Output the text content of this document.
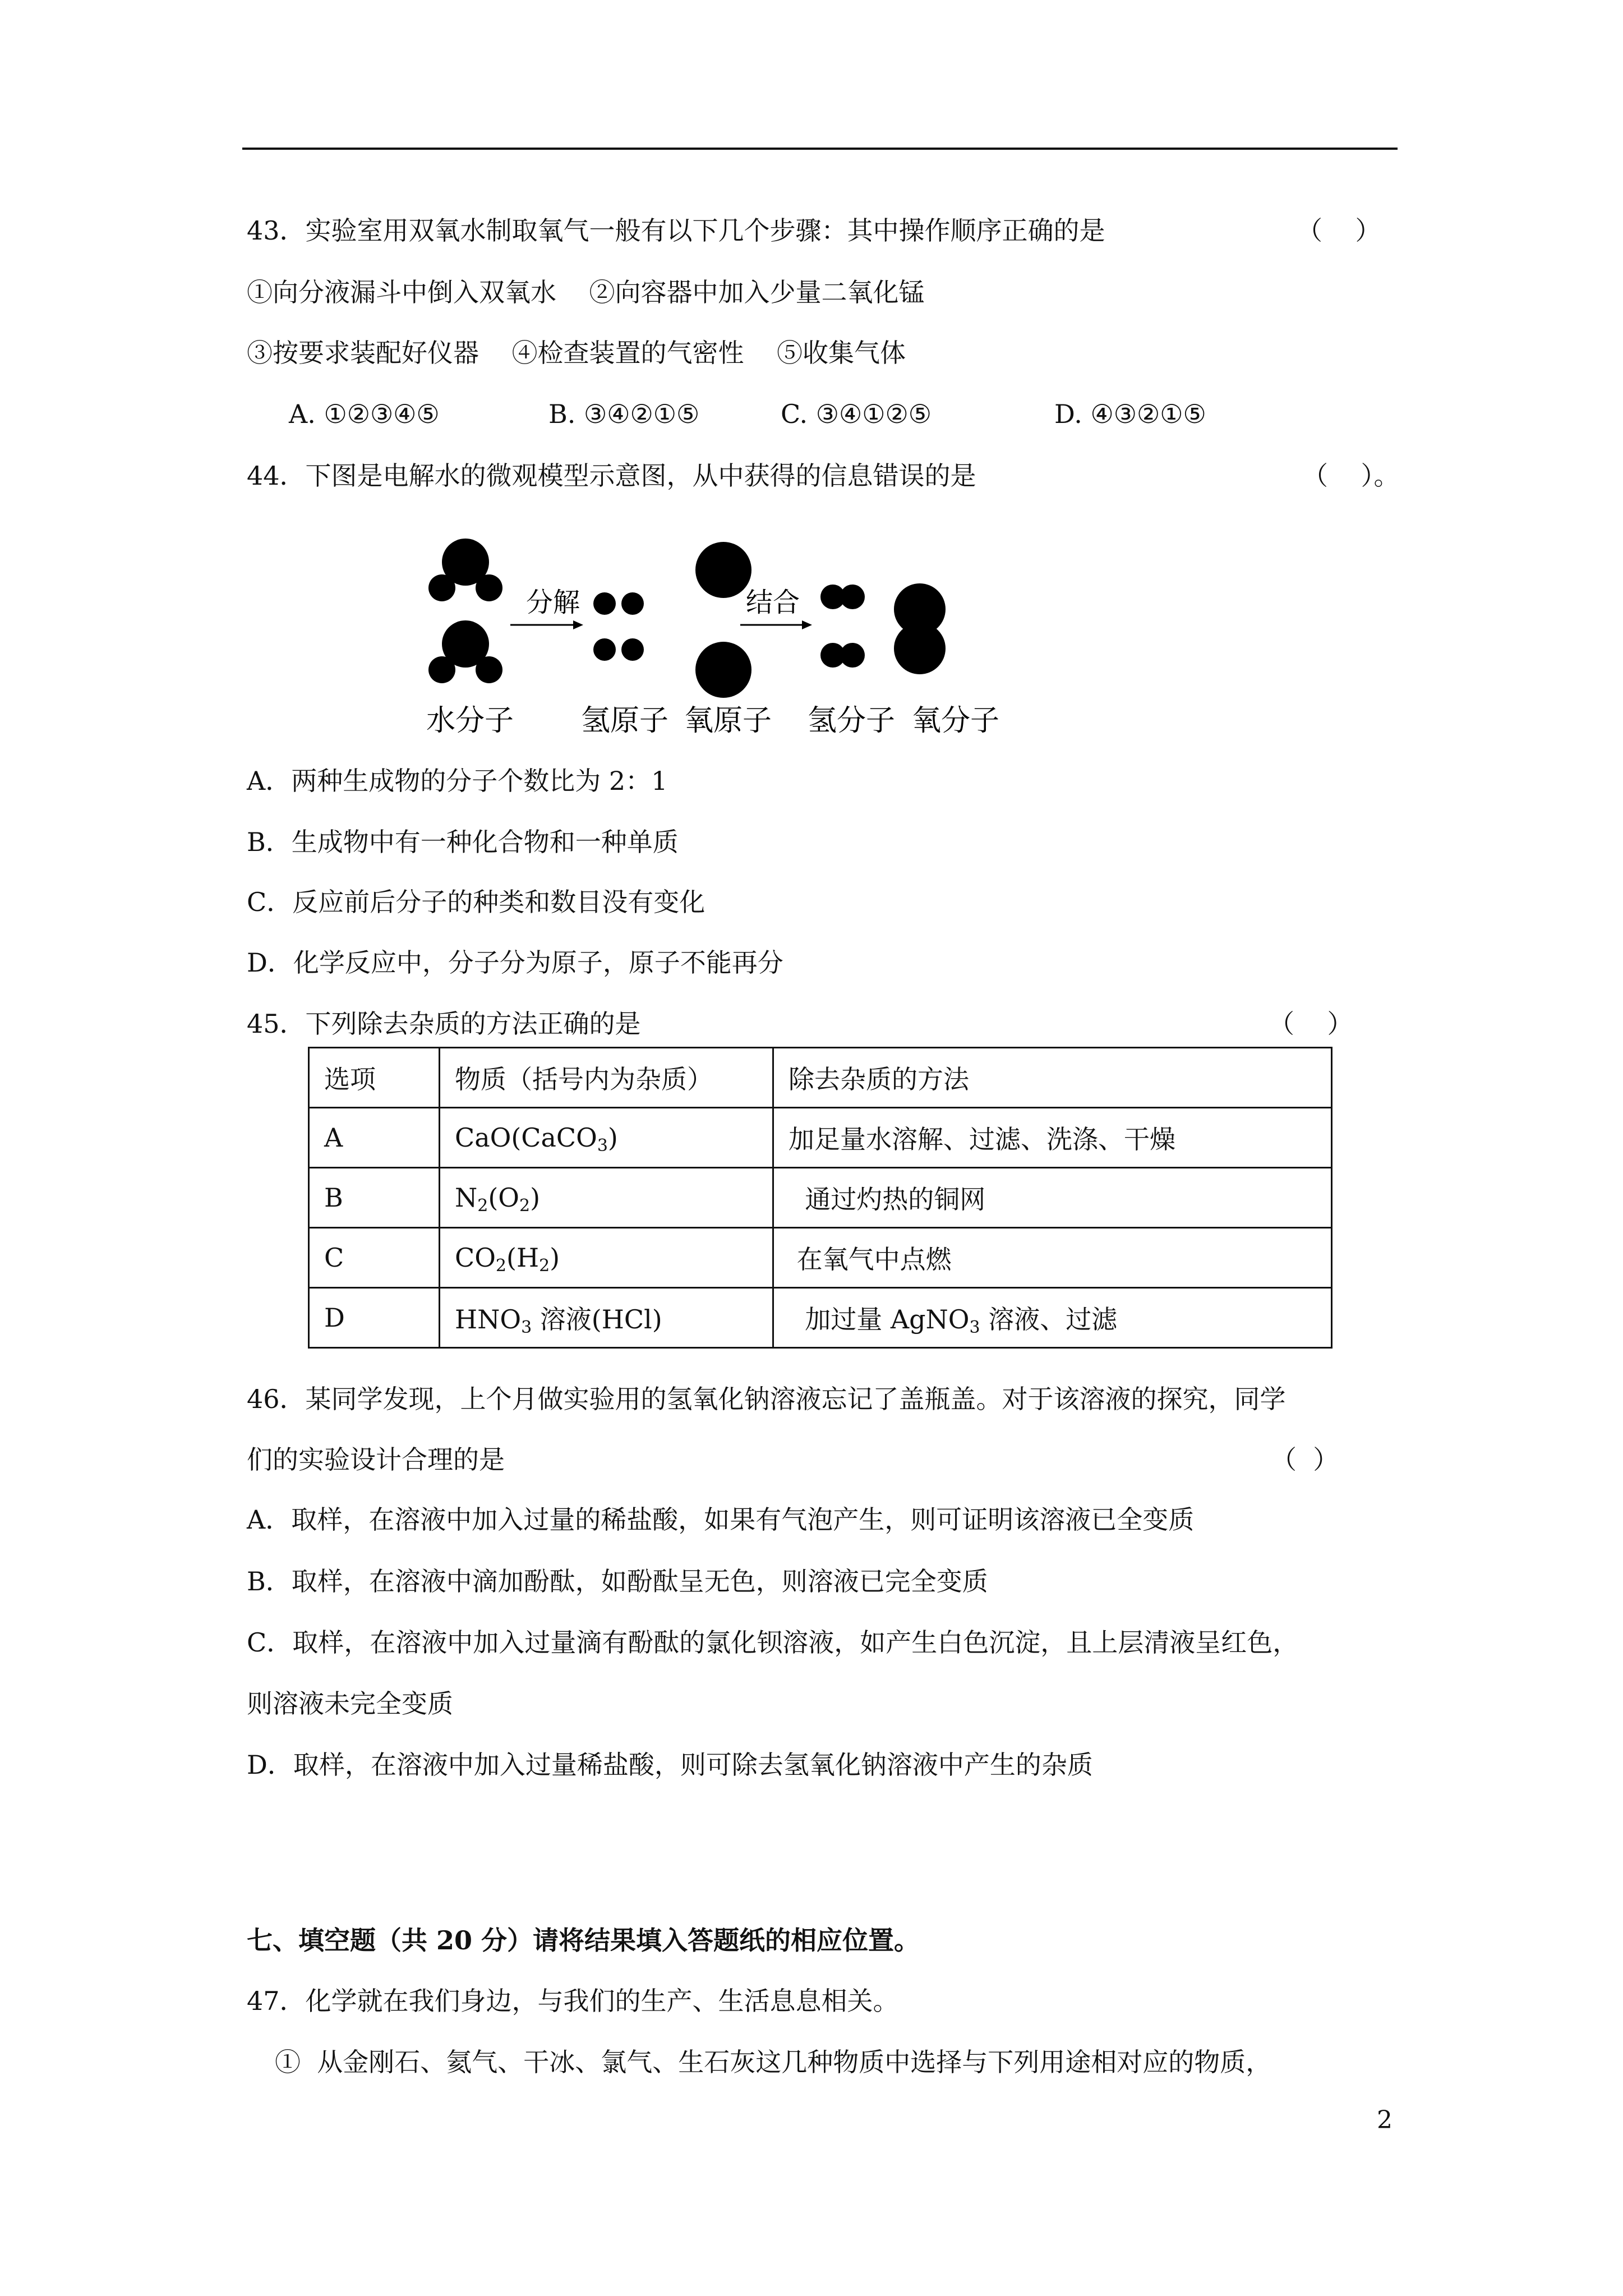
43．实验室用双氧水制取氧气一般有以下几个步骤：其中操作顺序正确的是	（    ）
①向分液漏斗中倒入双氧水    ②向容器中加入少量二氧化锰
③按要求装配好仪器    ④检查装置的气密性    ⑤收集气体
A. ①②③④⑤	B. ③④②①⑤	C. ③④①②⑤	D. ④③②①⑤
44．下图是电解水的微观模型示意图，从中获得的信息错误的是	（    ）。
分解	结合
水分子 氢原子 氧原子 氢分子 氧分子
A．两种生成物的分子个数比为 2：1
B．生成物中有一种化合物和一种单质
C．反应前后分子的种类和数目没有变化
D．化学反应中，分子分为原子，原子不能再分
45．下列除去杂质的方法正确的是	（    ）
选项	物质（括号内为杂质）	除去杂质的方法
A	CaO(CaCO$_3$)	加足量水溶解、过滤、洗涤、干燥
B	$N_2(O_2)$	通过灼热的铜网
C	$CO_2(H_2)$	在氧气中点燃
D	$HNO_3$ 溶液(HCl)	加过量 AgNO$_3$ 溶液、过滤
46．某同学发现，上个月做实验用的氢氧化钠溶液忘记了盖瓶盖。对于该溶液的探究，同学
们的实验设计合理的是	（  ）
A．取样，在溶液中加入过量的稀盐酸，如果有气泡产生，则可证明该溶液已全变质
B．取样，在溶液中滴加酚酞，如酚酞呈无色，则溶液已完全变质
C．取样，在溶液中加入过量滴有酚酞的氯化钡溶液，如产生白色沉淀，且上层清液呈红色，
则溶液未完全变质
D．取样，在溶液中加入过量稀盐酸，则可除去氢氧化钠溶液中产生的杂质
七、填空题（共 20 分）请将结果填入答题纸的相应位置。
47．化学就在我们身边，与我们的生产、生活息息相关。
①  从金刚石、氦气、干冰、氯气、生石灰这几种物质中选择与下列用途相对应的物质，
2
